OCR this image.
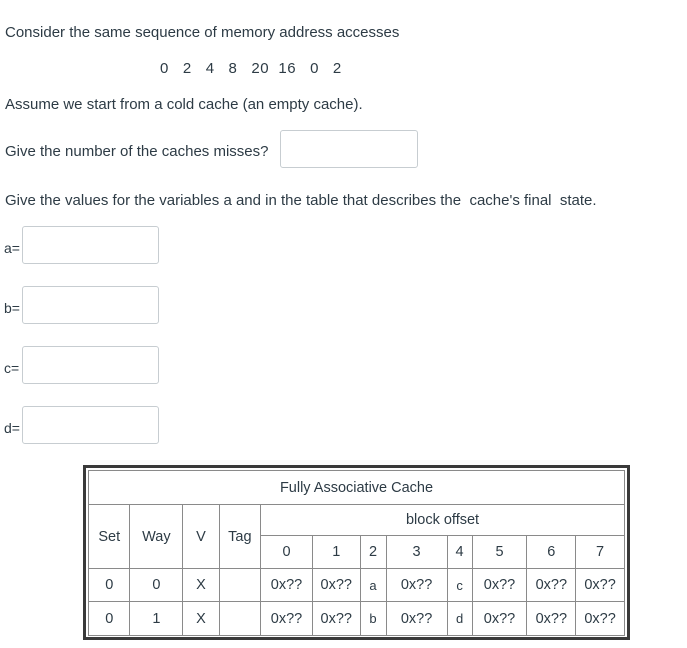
Consider the same sequence of memory address accesses
0   2   4   8   20  16   0   2
Assume we start from a cold cache (an empty cache).
Give the number of the caches misses?
Give the values for the variables a and in the table that describes the  cache's final  state.
a=
b=
c=
d=
Fully Associative Cache											
Set	Way	V	Tag	block offset							
				0	1	2	3	4	5	6	7
0	0	X		0x??	0x??	a	0x??	c	0x??	0x??	0x??
0	1	X		0x??	0x??	b	0x??	d	0x??	0x??	0x??
